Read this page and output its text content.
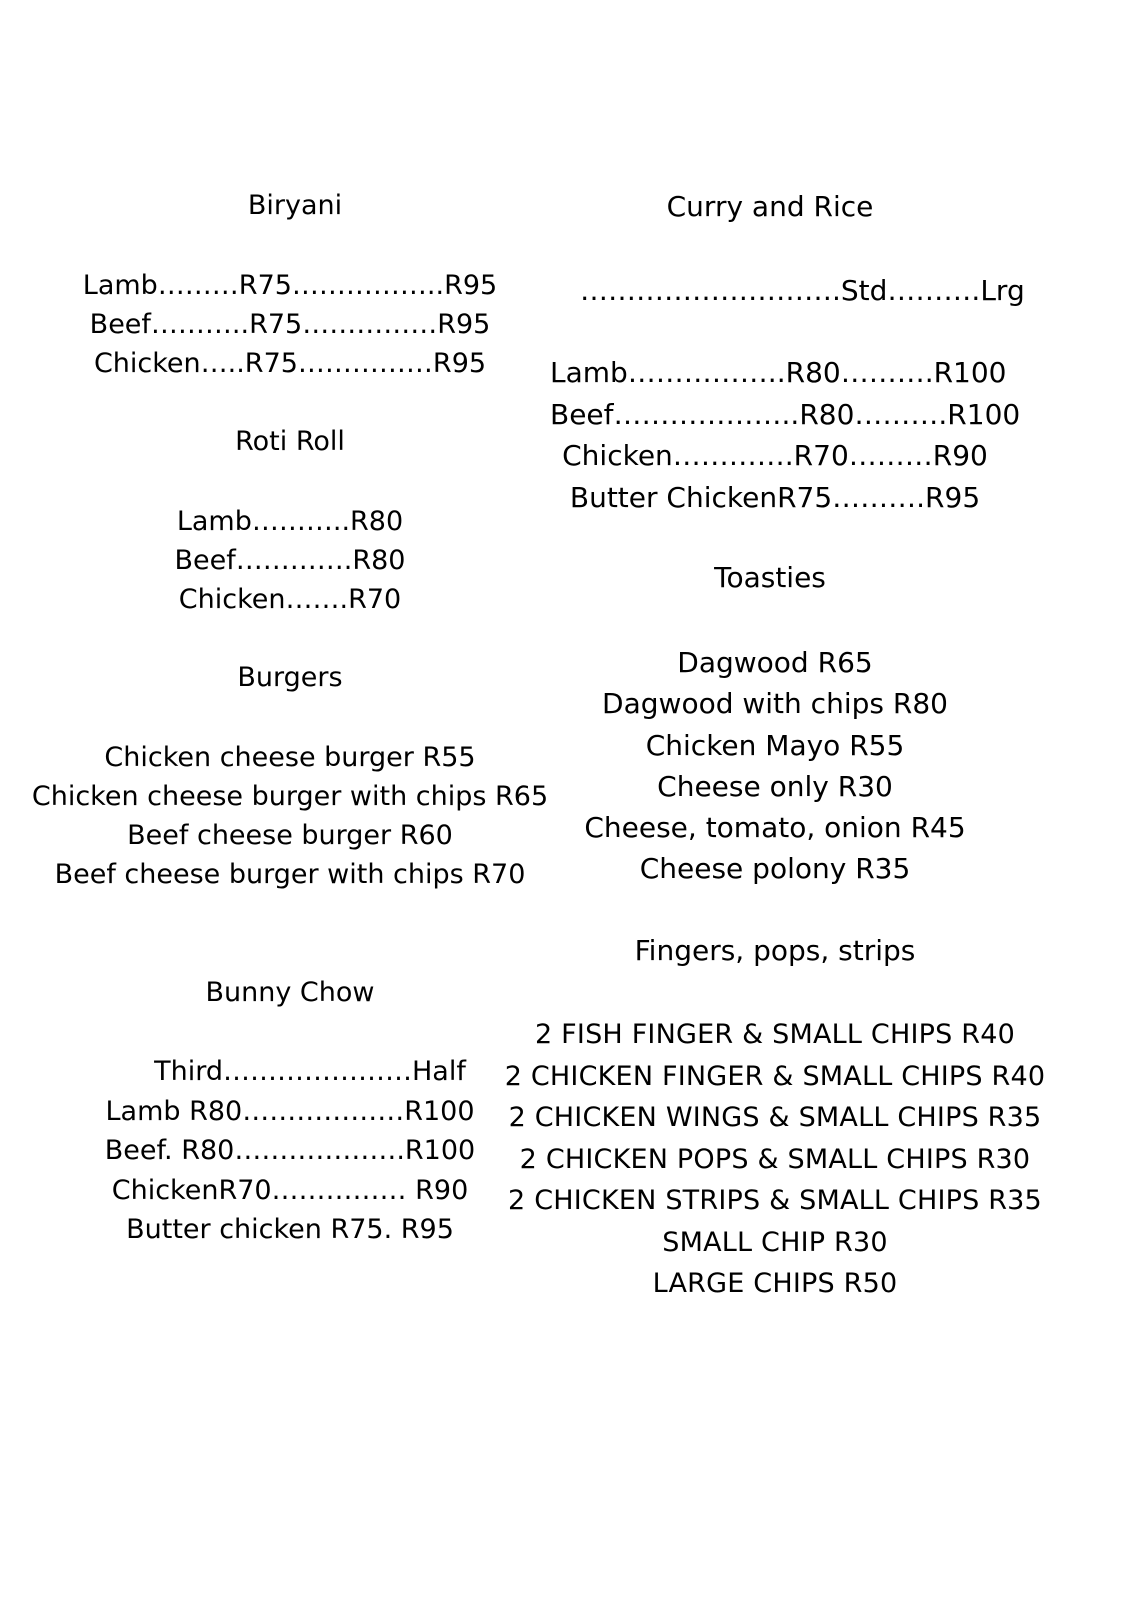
Biryani
Lamb………R75……………..R95
Beef………..R75……………R95
Chicken…..R75……………R95
Roti Roll
Lamb………..R80
Beef………….R80
Chicken…….R70
Burgers
Chicken cheese burger R55
Chicken cheese burger with chips R65
Beef cheese burger R60
Beef cheese burger with chips R70
Bunny Chow
Third…………………Half
Lamb R80………………R100
Beef. R80……………….R100
ChickenR70…………… R90
Butter chicken R75. R95
Curry and Rice
……………………….Std……….Lrg
Lamb……………..R80……….R100
Beef………………..R80……….R100
Chicken………….R70………R90
Butter ChickenR75……….R95
Toasties
Dagwood R65
Dagwood with chips R80
Chicken Mayo R55
Cheese only R30
Cheese, tomato, onion R45
Cheese polony R35
Fingers, pops, strips
2 FISH FINGER & SMALL CHIPS R40
2 CHICKEN FINGER & SMALL CHIPS R40
2 CHICKEN WINGS & SMALL CHIPS R35
2 CHICKEN POPS & SMALL CHIPS R30
2 CHICKEN STRIPS & SMALL CHIPS R35
SMALL CHIP R30
LARGE CHIPS R50
